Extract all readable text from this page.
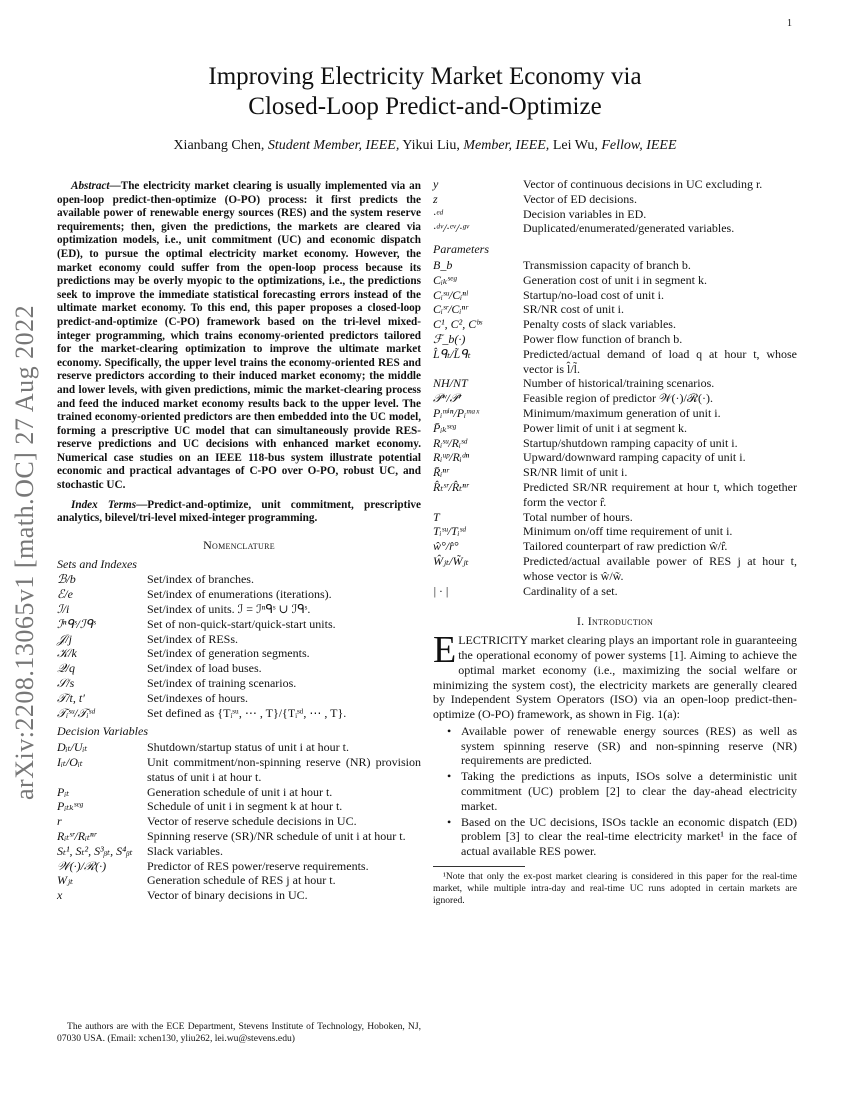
1
arXiv:2208.13065v1 [math.OC] 27 Aug 2022
Improving Electricity Market Economy via
Closed-Loop Predict-and-Optimize
Xianbang Chen, Student Member, IEEE, Yikui Liu, Member, IEEE, Lei Wu, Fellow, IEEE
Abstract—The electricity market clearing is usually implemented via an open-loop predict-then-optimize (O-PO) process: it first predicts the available power of renewable energy sources (RES) and the system reserve requirements; then, given the predictions, the markets are cleared via optimization models, i.e., unit commitment (UC) and economic dispatch (ED), to pursue the optimal electricity market economy. However, the market economy could suffer from the open-loop process because its predictions may be overly myopic to the optimizations, i.e., the predictions seek to improve the immediate statistical forecasting errors instead of the ultimate market economy. To this end, this paper proposes a closed-loop predict-and-optimize (C-PO) framework based on the tri-level mixed-integer programming, which trains economy-oriented predictors tailored for the market-clearing optimization to improve the ultimate market economy. Specifically, the upper level trains the economy-oriented RES and reserve predictors according to their induced market economy; the middle and lower levels, with given predictions, mimic the market-clearing process and feed the induced market economy results back to the upper level. The trained economy-oriented predictors are then embedded into the UC model, forming a prescriptive UC model that can simultaneously provide RES-reserve predictions and UC decisions with enhanced market economy. Numerical case studies on an IEEE 118-bus system illustrate potential economic and practical advantages of C-PO over O-PO, robust UC, and stochastic UC.
Index Terms—Predict-and-optimize, unit commitment, prescriptive analytics, bilevel/tri-level mixed-integer programming.
Nomenclature
Sets and Indexes
ℬ/b	Set/index of branches.
ℰ/e	Set/index of enumerations (iterations).
ℐ/i	Set/index of units. ℐ = ℐⁿᑫˢ ∪ ℐᑫˢ.
ℐⁿᑫˢ/ℐᑫˢ	Set of non-quick-start/quick-start units.
𝒥/j	Set/index of RESs.
𝒦/k	Set/index of generation segments.
𝒬/q	Set/index of load buses.
𝒮/s	Set/index of training scenarios.
𝒯/t, t′	Set/indexes of hours.
𝒯ᵢˢᵘ/𝒯ᵢˢᵈ	Set defined as {Tᵢˢᵘ, ⋯ , T}/{Tᵢˢᵈ, ⋯ , T}.
Decision Variables
Dᵢₜ/Uᵢₜ	Shutdown/startup status of unit i at hour t.
Iᵢₜ/Oᵢₜ	Unit commitment/non-spinning reserve (NR) provision status of unit i at hour t.
Pᵢₜ	Generation schedule of unit i at hour t.
Pᵢₜₖˢᵉᵍ	Schedule of unit i in segment k at hour t.
r	Vector of reserve schedule decisions in UC.
Rᵢₜˢʳ/Rᵢₜⁿʳ	Spinning reserve (SR)/NR schedule of unit i at hour t.
Sₜ¹, Sₜ², S³ᵦₜ, S⁴ᵦₜ	Slack variables.
𝒲(·)/ℛ(·)	Predictor of RES power/reserve requirements.
Wⱼₜ	Generation schedule of RES j at hour t.
x	Vector of binary decisions in UC.
The authors are with the ECE Department, Stevens Institute of Technology, Hoboken, NJ, 07030 USA. (Email: xchen130, yliu262, lei.wu@stevens.edu)
y	Vector of continuous decisions in UC excluding r.
z	Vector of ED decisions.
·ᵉᵈ	Decision variables in ED.
·ᵈᵛ/·ᵉᵛ/·ᵍᵛ	Duplicated/enumerated/generated variables.
Parameters
B_b	Transmission capacity of branch b.
Cᵢₖˢᵉᵍ	Generation cost of unit i in segment k.
Cᵢˢᵘ/Cᵢⁿˡ	Startup/no-load cost of unit i.
Cᵢˢʳ/Cᵢⁿʳ	SR/NR cost of unit i.
C¹, C², Cᵇˢ	Penalty costs of slack variables.
ℱ_b(·)	Power flow function of branch b.
L̂ᑫₜ/L̃ᑫₜ	Predicted/actual demand of load q at hour t, whose vector is l̂/l̃.
NH/NT	Number of historical/training scenarios.
𝒫ʷ/𝒫ʳ	Feasible region of predictor 𝒲(·)/ℛ(·).
Pᵢᵐⁱⁿ/Pᵢᵐᵃˣ	Minimum/maximum generation of unit i.
P̄ᵢₖˢᵉᵍ	Power limit of unit i at segment k.
Rᵢˢᵘ/Rᵢˢᵈ	Startup/shutdown ramping capacity of unit i.
Rᵢᵘᵖ/Rᵢᵈⁿ	Upward/downward ramping capacity of unit i.
R̄ᵢⁿʳ	SR/NR limit of unit i.
R̂ₜˢʳ/R̂ₜⁿʳ	Predicted SR/NR requirement at hour t, which together form the vector r̂.
T	Total number of hours.
Tᵢˢᵘ/Tᵢˢᵈ	Minimum on/off time requirement of unit i.
ŵ°/r̂°	Tailored counterpart of raw prediction ŵ/r̂.
Ŵⱼₜ/W̃ⱼₜ	Predicted/actual available power of RES j at hour t, whose vector is ŵ/w̃.
| · |	Cardinality of a set.
I. Introduction
ELECTRICITY market clearing plays an important role in guaranteeing the operational economy of power systems [1]. Aiming to achieve the optimal market economy (i.e., maximizing the social welfare or minimizing the system cost), the electricity markets are generally cleared by Independent System Operators (ISO) via an open-loop predict-then-optimize (O-PO) framework, as shown in Fig. 1(a):
• Available power of renewable energy sources (RES) as well as system spinning reserve (SR) and non-spinning reserve (NR) requirements are predicted.
• Taking the predictions as inputs, ISOs solve a deterministic unit commitment (UC) problem [2] to clear the day-ahead electricity market.
• Based on the UC decisions, ISOs tackle an economic dispatch (ED) problem [3] to clear the real-time electricity market¹ in the face of actual available RES power.
¹Note that only the ex-post market clearing is considered in this paper for the real-time market, while multiple intra-day and real-time UC runs adopted in certain markets are ignored.
